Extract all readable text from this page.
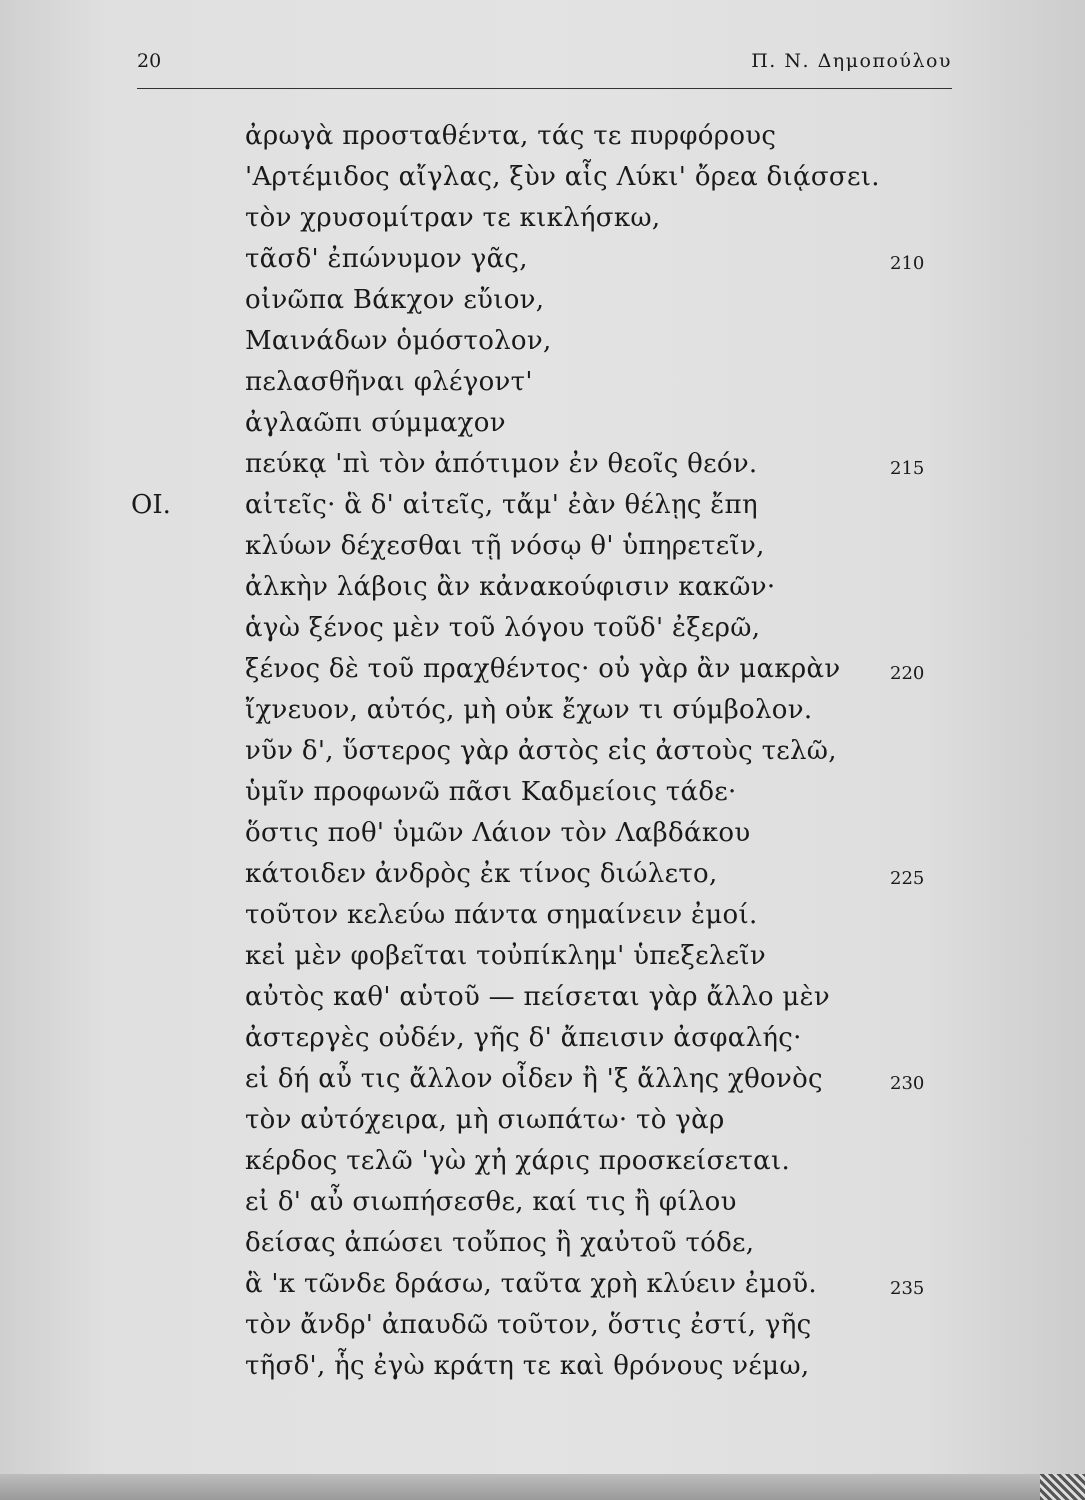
20	Π. Ν. Δημοπούλου
ἀρωγὰ προσταθέντα, τάς τε πυρφόρους
'Αρτέμιδος αἴγλας, ξὺν αἷς Λύκι' ὄρεα διᾴσσει.
τὸν χρυσομίτραν τε κικλήσκω,
τᾶσδ' ἐπώνυμον γᾶς,	210
οἰνῶπα Βάκχον εὔιον,
Μαινάδων ὁμόστολον,
πελασθῆναι φλέγοντ'
ἀγλαῶπι σύμμαχον
πεύκᾳ 'πὶ τὸν ἀπότιμον ἐν θεοῖς θεόν.	215
ΟΙ.	αἰτεῖς· ἃ δ' αἰτεῖς, τἄμ' ἐὰν θέλῃς ἔπη
κλύων δέχεσθαι τῇ νόσῳ θ' ὑπηρετεῖν,
ἀλκὴν λάβοις ἂν κἀνακούφισιν κακῶν·
ἁγὼ ξένος μὲν τοῦ λόγου τοῦδ' ἐξερῶ,
ξένος δὲ τοῦ πραχθέντος· οὐ γὰρ ἂν μακρὰν	220
ἴχνευον, αὐτός, μὴ οὐκ ἔχων τι σύμβολον.
νῦν δ', ὕστερος γὰρ ἀστὸς εἰς ἀστοὺς τελῶ,
ὑμῖν προφωνῶ πᾶσι Καδμείοις τάδε·
ὅστις ποθ' ὑμῶν Λάιον τὸν Λαβδάκου
κάτοιδεν ἀνδρὸς ἐκ τίνος διώλετο,	225
τοῦτον κελεύω πάντα σημαίνειν ἐμοί.
κεἰ μὲν φοβεῖται τοὐπίκλημ' ὑπεξελεῖν
αὐτὸς καθ' αὑτοῦ — πείσεται γὰρ ἄλλο μὲν
ἀστεργὲς οὐδέν, γῆς δ' ἄπεισιν ἀσφαλής·
εἰ δή αὖ τις ἄλλον οἶδεν ἢ 'ξ ἄλλης χθονὸς	230
τὸν αὐτόχειρα, μὴ σιωπάτω· τὸ γὰρ
κέρδος τελῶ 'γὼ χἠ χάρις προσκείσεται.
εἰ δ' αὖ σιωπήσεσθε, καί τις ἢ φίλου
δείσας ἀπώσει τοὔπος ἢ χαὐτοῦ τόδε,
ἃ 'κ τῶνδε δράσω, ταῦτα χρὴ κλύειν ἐμοῦ.	235
τὸν ἄνδρ' ἀπαυδῶ τοῦτον, ὅστις ἐστί, γῆς
τῆσδ', ἧς ἐγὼ κράτη τε καὶ θρόνους νέμω,
